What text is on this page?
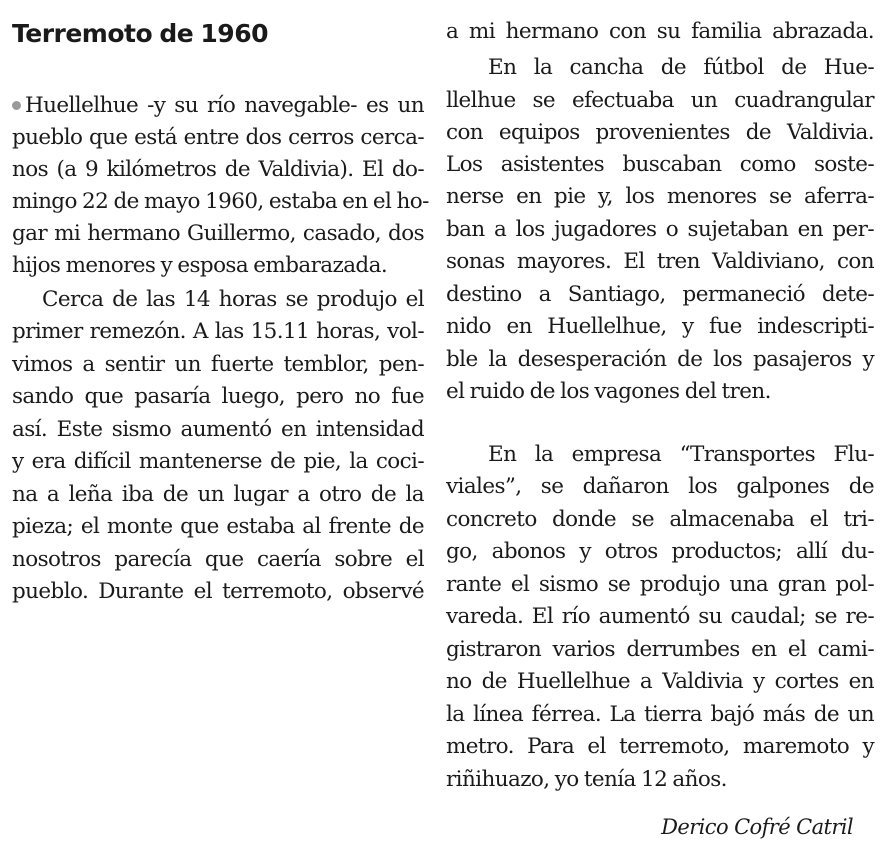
Terremoto de 1960
Huellelhue -y su río navegable- es un
pueblo que está entre dos cerros cerca-
nos (a 9 kilómetros de Valdivia). El do-
mingo 22 de mayo 1960, estaba en el ho-
gar mi hermano Guillermo, casado, dos
hijos menores y esposa embarazada.
Cerca de las 14 horas se produjo el
primer remezón. A las 15.11 horas, vol-
vimos a sentir un fuerte temblor, pen-
sando que pasaría luego, pero no fue
así. Este sismo aumentó en intensidad
y era difícil mantenerse de pie, la coci-
na a leña iba de un lugar a otro de la
pieza; el monte que estaba al frente de
nosotros parecía que caería sobre el
pueblo. Durante el terremoto, observé
a mi hermano con su familia abrazada.
En la cancha de fútbol de Hue-
llelhue se efectuaba un cuadrangular
con equipos provenientes de Valdivia.
Los asistentes buscaban como soste-
nerse en pie y, los menores se aferra-
ban a los jugadores o sujetaban en per-
sonas mayores. El tren Valdiviano, con
destino a Santiago, permaneció dete-
nido en Huellelhue, y fue indescripti-
ble la desesperación de los pasajeros y
el ruido de los vagones del tren.
En la empresa “Transportes Flu-
viales”, se dañaron los galpones de
concreto donde se almacenaba el tri-
go, abonos y otros productos; allí du-
rante el sismo se produjo una gran pol-
vareda. El río aumentó su caudal; se re-
gistraron varios derrumbes en el cami-
no de Huellelhue a Valdivia y cortes en
la línea férrea. La tierra bajó más de un
metro. Para el terremoto, maremoto y
riñihuazo, yo tenía 12 años.
Derico Cofré Catril
